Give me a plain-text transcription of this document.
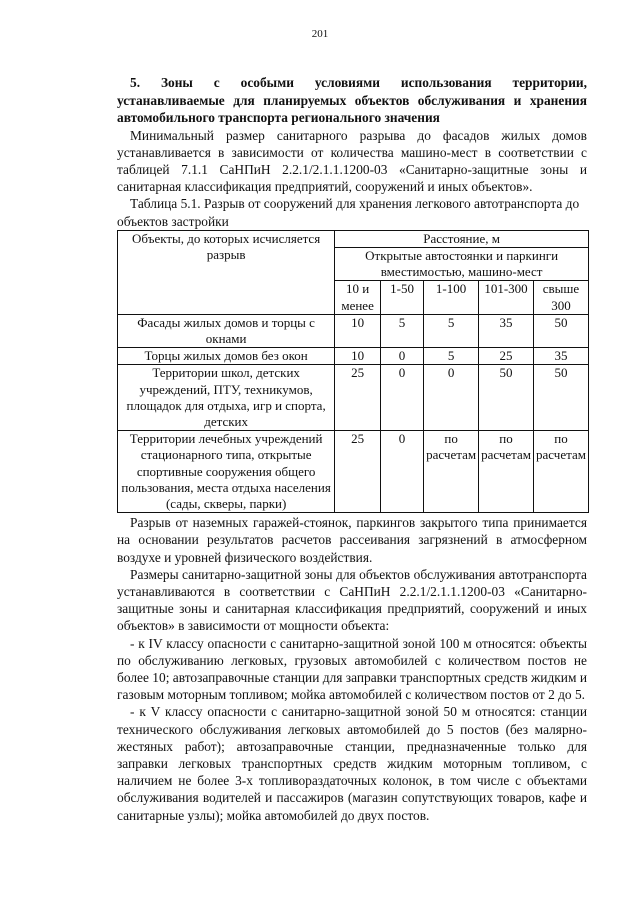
201

5. Зоны с особыми условиями использования территории, устанавливаемые для планируемых объектов обслуживания и хранения автомобильного транспорта регионального значения

Минимальный размер санитарного разрыва до фасадов жилых домов устанавливается в зависимости от количества машино-мест в соответствии с таблицей 7.1.1 СаНПиН 2.2.1/2.1.1.1200-03 «Санитарно-защитные зоны и санитарная классификация предприятий, сооружений и иных объектов».

Таблица 5.1. Разрыв от сооружений для хранения легкового автотранспорта до объектов застройки

Объекты, до которых исчисляется разрыв	Расстояние, м				
	Открытые автостоянки и паркинги вместимостью, машино-мест				
	10 и менее	1-50	1-100	101-300	свыше 300
Фасады жилых домов и торцы с окнами	10	5	5	35	50
Торцы жилых домов без окон	10	0	5	25	35
Территории школ, детских учреждений, ПТУ, техникумов, площадок для отдыха, игр и спорта, детских	25	0	0	50	50
Территории лечебных учреждений стационарного типа, открытые спортивные сооружения общего пользования, места отдыха населения (сады, скверы, парки)	25	0	по расчетам	по расчетам	по расчетам

Разрыв от наземных гаражей-стоянок, паркингов закрытого типа принимается на основании результатов расчетов рассеивания загрязнений в атмосферном воздухе и уровней физического воздействия.

Размеры санитарно-защитной зоны для объектов обслуживания автотранспорта устанавливаются в соответствии с СаНПиН 2.2.1/2.1.1.1200-03 «Санитарно-защитные зоны и санитарная классификация предприятий, сооружений и иных объектов» в зависимости от мощности объекта:

- к IV классу опасности с санитарно-защитной зоной 100 м относятся: объекты по обслуживанию легковых, грузовых автомобилей с количеством постов не более 10; автозаправочные станции для заправки транспортных средств жидким и газовым моторным топливом; мойка автомобилей с количеством постов от 2 до 5.

- к V классу опасности с санитарно-защитной зоной 50 м относятся: станции технического обслуживания легковых автомобилей до 5 постов (без малярно-жестяных работ); автозаправочные станции, предназначенные только для заправки легковых транспортных средств жидким моторным топливом, с наличием не более 3-х топливораздаточных колонок, в том числе с объектами обслуживания водителей и пассажиров (магазин сопутствующих товаров, кафе и санитарные узлы); мойка автомобилей до двух постов.
